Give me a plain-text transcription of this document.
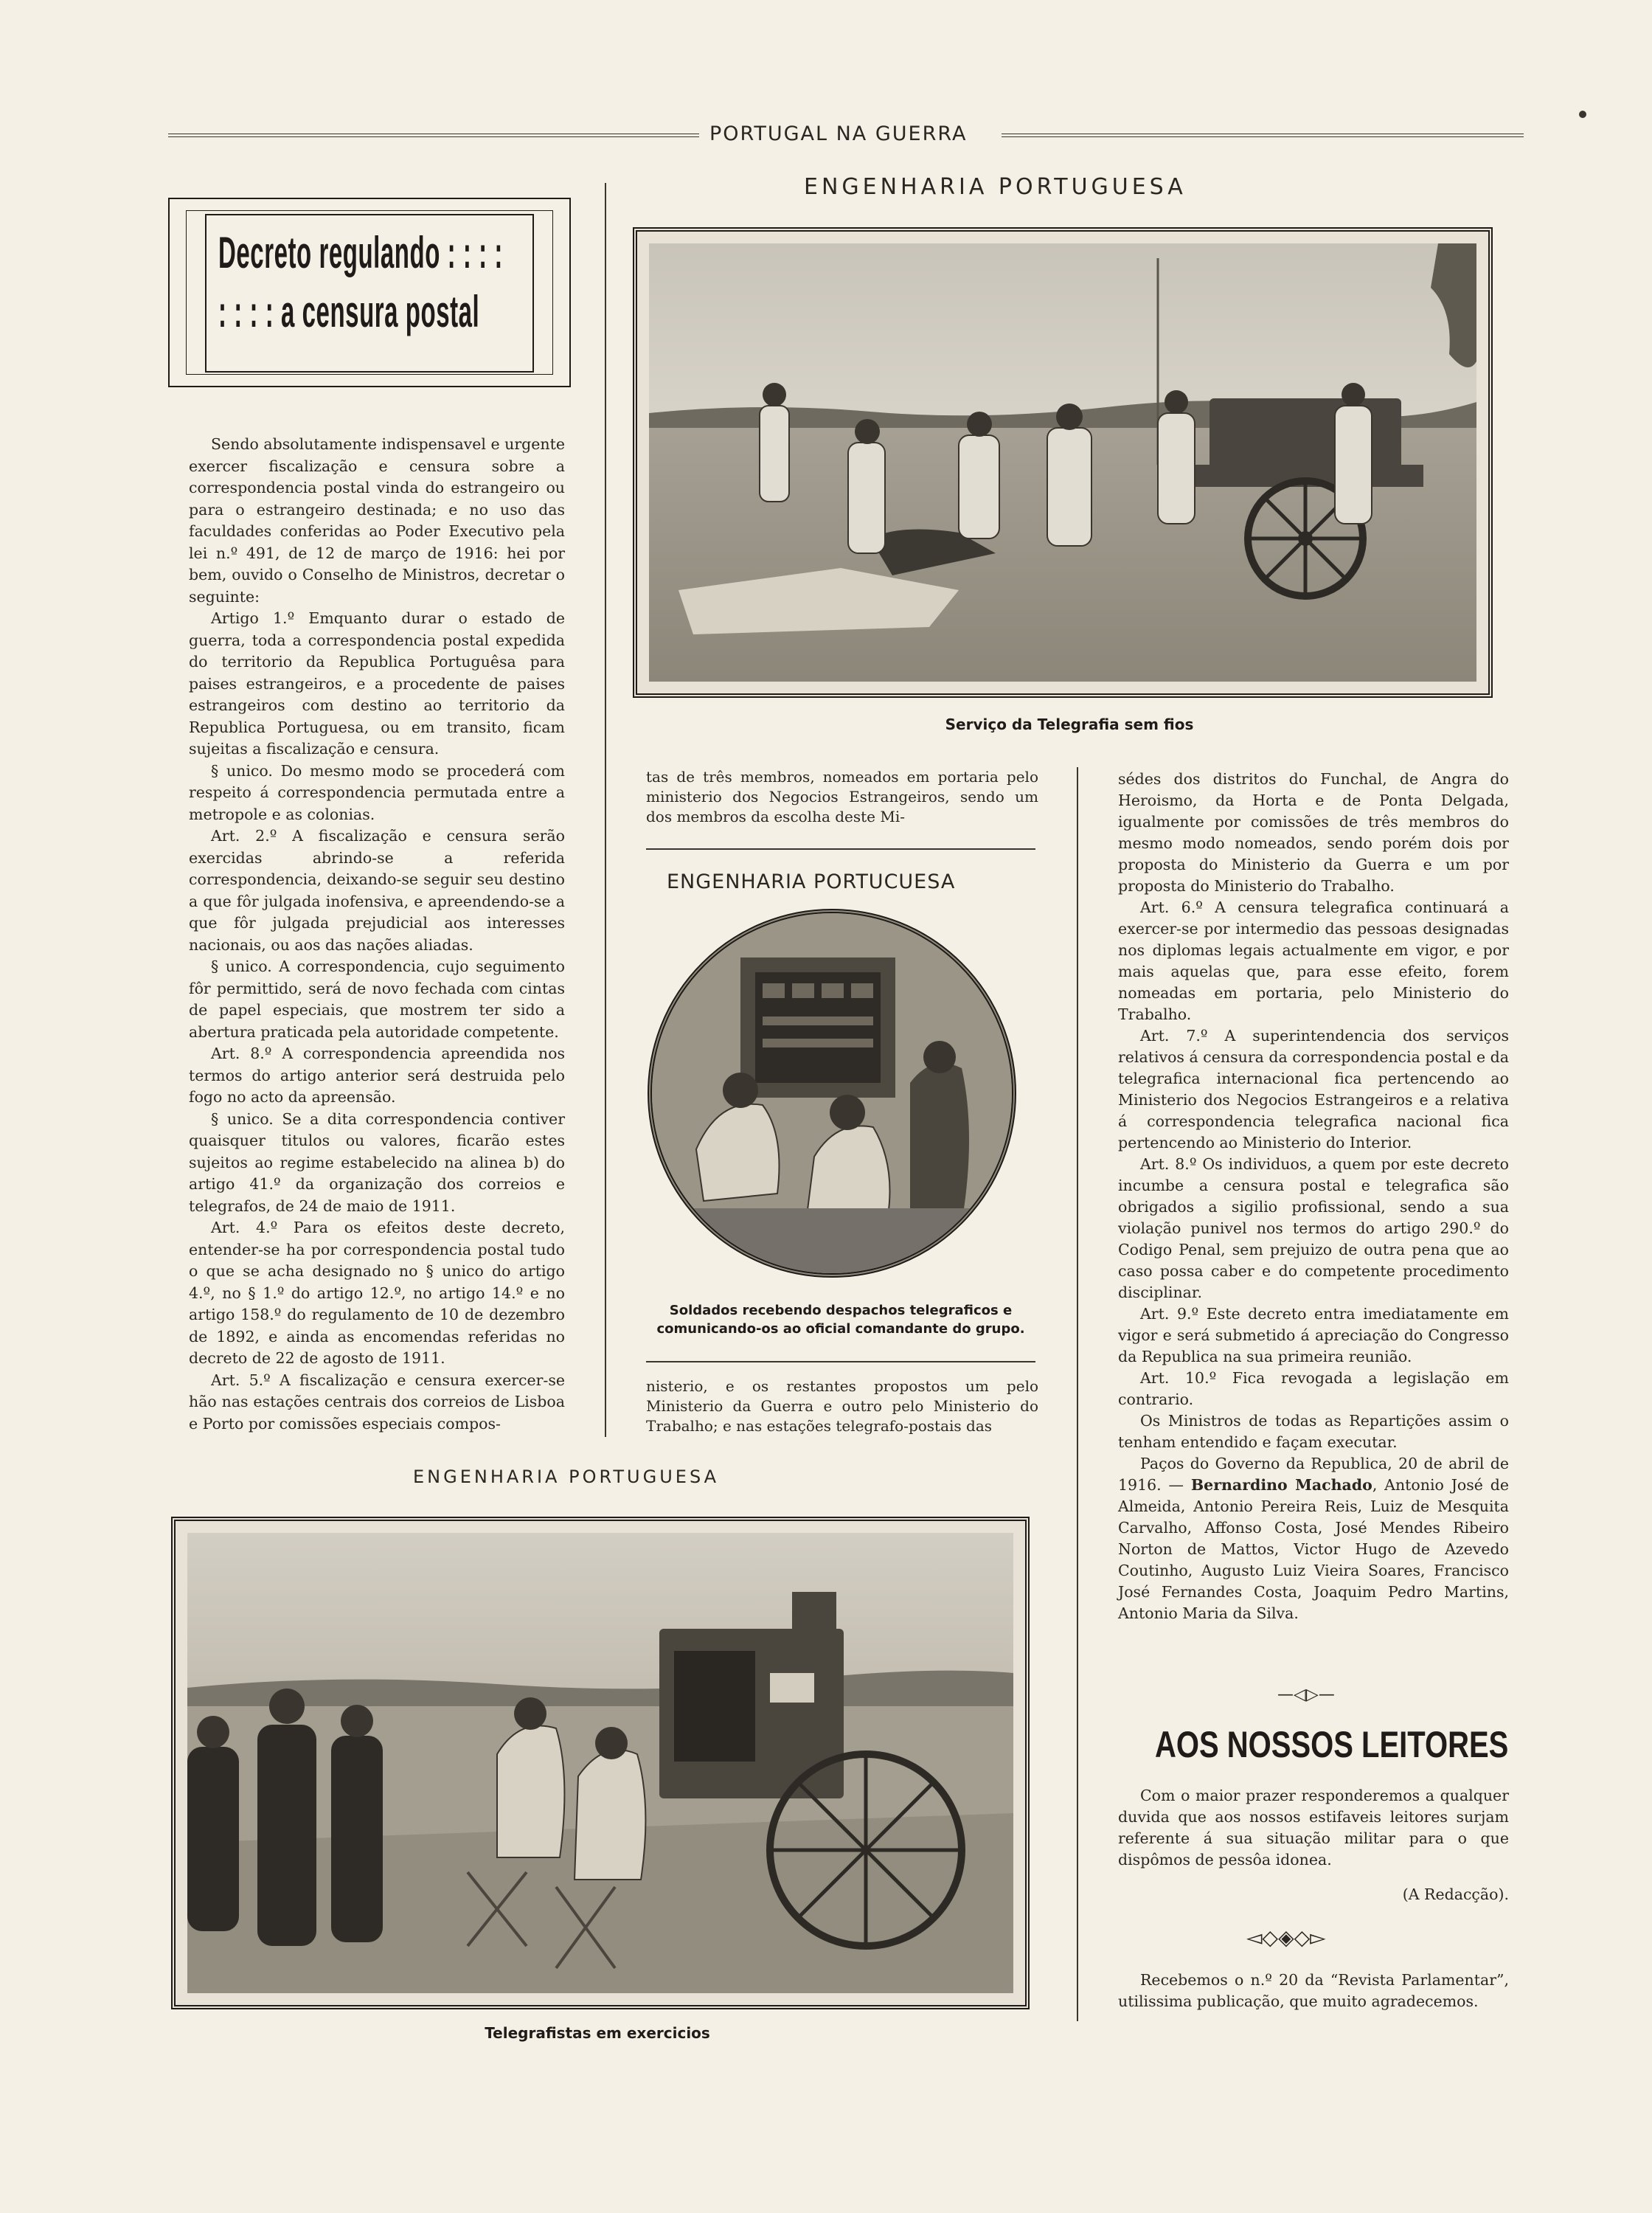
PORTUGAL NA GUERRA
Decreto regulando : : : :
: : : : a censura postal

Sendo absolutamente indispensavel e urgente exercer fiscalização e censura sobre a correspondencia postal vinda do estrangeiro ou para o estrangeiro destinada; e no uso das faculdades conferidas ao Poder Executivo pela lei n.º 491, de 12 de março de 1916: hei por bem, ouvido o Conselho de Ministros, decretar o seguinte:

Artigo 1.º Emquanto durar o estado de guerra, toda a correspondencia postal expedida do territorio da Republica Portuguêsa para paises estrangeiros, e a procedente de paises estrangeiros com destino ao territorio da Republica Portuguesa, ou em transito, ficam sujeitas a fiscalização e censura.

§ unico. Do mesmo modo se procederá com respeito á correspondencia permutada entre a metropole e as colonias.

Art. 2.º A fiscalização e censura serão exercidas abrindo-se a referida correspondencia, deixando-se seguir seu destino a que fôr julgada inofensiva, e apreendendo-se a que fôr julgada prejudicial aos interesses nacionais, ou aos das nações aliadas.

§ unico. A correspondencia, cujo seguimento fôr permittido, será de novo fechada com cintas de papel especiais, que mostrem ter sido a abertura praticada pela autoridade competente.

Art. 8.º A correspondencia apreendida nos termos do artigo anterior será destruida pelo fogo no acto da apreensão.

§ unico. Se a dita correspondencia contiver quaisquer titulos ou valores, ficarão estes sujeitos ao regime estabelecido na alinea b) do artigo 41.º da organização dos correios e telegrafos, de 24 de maio de 1911.

Art. 4.º Para os efeitos deste decreto, entender-se ha por correspondencia postal tudo o que se acha designado no § unico do artigo 4.º, no § 1.º do artigo 12.º, no artigo 14.º e no artigo 158.º do regulamento de 10 de dezembro de 1892, e ainda as encomendas referidas no decreto de 22 de agosto de 1911.

Art. 5.º A fiscalização e censura exercer-se hão nas estações centrais dos correios de Lisboa e Porto por comissões especiais compos-

ENGENHARIA PORTUGUESA
Serviço da Telegrafia sem fios
tas de três membros, nomeados em portaria pelo ministerio dos Negocios Estrangeiros, sendo um dos membros da escolha deste Mi-
ENGENHARIA PORTUCUESA
Soldados recebendo despachos telegraficos e comunicando-os ao oficial comandante do grupo.
nisterio, e os restantes propostos um pelo Ministerio da Guerra e outro pelo Ministerio do Trabalho; e nas estações telegrafo-postais das

sédes dos distritos do Funchal, de Angra do Heroismo, da Horta e de Ponta Delgada, igualmente por comissões de três membros do mesmo modo nomeados, sendo porém dois por proposta do Ministerio da Guerra e um por proposta do Ministerio do Trabalho.

Art. 6.º A censura telegrafica continuará a exercer-se por intermedio das pessoas designadas nos diplomas legais actualmente em vigor, e por mais aquelas que, para esse efeito, forem nomeadas em portaria, pelo Ministerio do Trabalho.

Art. 7.º A superintendencia dos serviços relativos á censura da correspondencia postal e da telegrafica internacional fica pertencendo ao Ministerio dos Negocios Estrangeiros e a relativa á correspondencia telegrafica nacional fica pertencendo ao Ministerio do Interior.

Art. 8.º Os individuos, a quem por este decreto incumbe a censura postal e telegrafica são obrigados a sigilio profissional, sendo a sua violação punivel nos termos do artigo 290.º do Codigo Penal, sem prejuizo de outra pena que ao caso possa caber e do competente procedimento disciplinar.

Art. 9.º Este decreto entra imediatamente em vigor e será submetido á apreciação do Congresso da Republica na sua primeira reunião.

Art. 10.º Fica revogada a legislação em contrario.

Os Ministros de todas as Repartições assim o tenham entendido e façam executar.

Paços do Governo da Republica, 20 de abril de 1916. — Bernardino Machado, Antonio José de Almeida, Antonio Pereira Reis, Luiz de Mesquita Carvalho, Affonso Costa, José Mendes Ribeiro Norton de Mattos, Victor Hugo de Azevedo Coutinho, Augusto Luiz Vieira Soares, Francisco José Fernandes Costa, Joaquim Pedro Martins, Antonio Maria da Silva.

—◁▷—
AOS NOSSOS LEITORES

Com o maior prazer responderemos a qualquer duvida que aos nossos estifaveis leitores surjam referente á sua situação militar para o que dispômos de pessôa idonea.

(A Redacção).

◅◇◈◇▻
Recebemos o n.º 20 da “Revista Parlamentar”, utilissima publicação, que muito agradecemos.
ENGENHARIA PORTUGUESA
Telegrafistas em exercicios
